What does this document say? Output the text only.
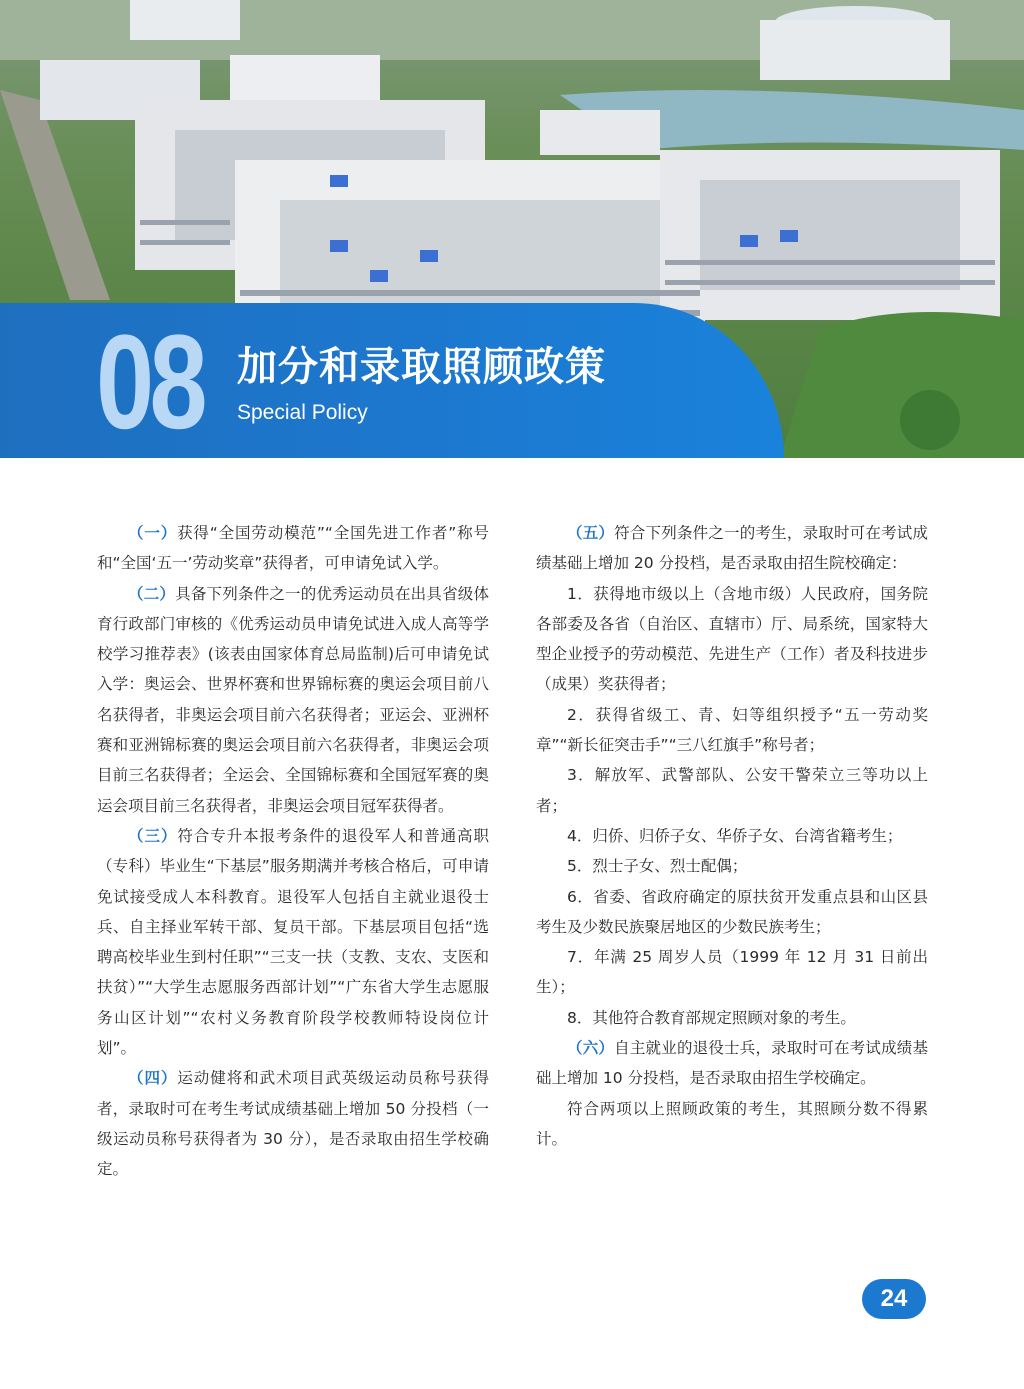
08 加分和录取照顾政策
Special Policy

（一）获得“全国劳动模范”“全国先进工作者”称号和“全国‘五一’劳动奖章”获得者，可申请免试入学。

（二）具备下列条件之一的优秀运动员在出具省级体育行政部门审核的《优秀运动员申请免试进入成人高等学校学习推荐表》(该表由国家体育总局监制)后可申请免试入学：奥运会、世界杯赛和世界锦标赛的奥运会项目前八名获得者，非奥运会项目前六名获得者；亚运会、亚洲杯赛和亚洲锦标赛的奥运会项目前六名获得者，非奥运会项目前三名获得者；全运会、全国锦标赛和全国冠军赛的奥运会项目前三名获得者，非奥运会项目冠军获得者。

（三）符合专升本报考条件的退役军人和普通高职（专科）毕业生“下基层”服务期满并考核合格后，可申请免试接受成人本科教育。退役军人包括自主就业退役士兵、自主择业军转干部、复员干部。下基层项目包括“选聘高校毕业生到村任职”“三支一扶（支教、支农、支医和扶贫）”“大学生志愿服务西部计划”“广东省大学生志愿服务山区计划”“农村义务教育阶段学校教师特设岗位计划”。

（四）运动健将和武术项目武英级运动员称号获得者，录取时可在考生考试成绩基础上增加 50 分投档（一级运动员称号获得者为 30 分），是否录取由招生学校确定。

（五）符合下列条件之一的考生，录取时可在考试成绩基础上增加 20 分投档，是否录取由招生院校确定：

1．获得地市级以上（含地市级）人民政府，国务院各部委及各省（自治区、直辖市）厅、局系统，国家特大型企业授予的劳动模范、先进生产（工作）者及科技进步（成果）奖获得者；

2．获得省级工、青、妇等组织授予“五一劳动奖章”“新长征突击手”“三八红旗手”称号者；

3．解放军、武警部队、公安干警荣立三等功以上者；

4．归侨、归侨子女、华侨子女、台湾省籍考生；

5．烈士子女、烈士配偶；

6．省委、省政府确定的原扶贫开发重点县和山区县考生及少数民族聚居地区的少数民族考生；

7．年满 25 周岁人员（1999 年 12 月 31 日前出生）；

8．其他符合教育部规定照顾对象的考生。

（六）自主就业的退役士兵，录取时可在考试成绩基础上增加 10 分投档，是否录取由招生学校确定。

符合两项以上照顾政策的考生，其照顾分数不得累计。

24
